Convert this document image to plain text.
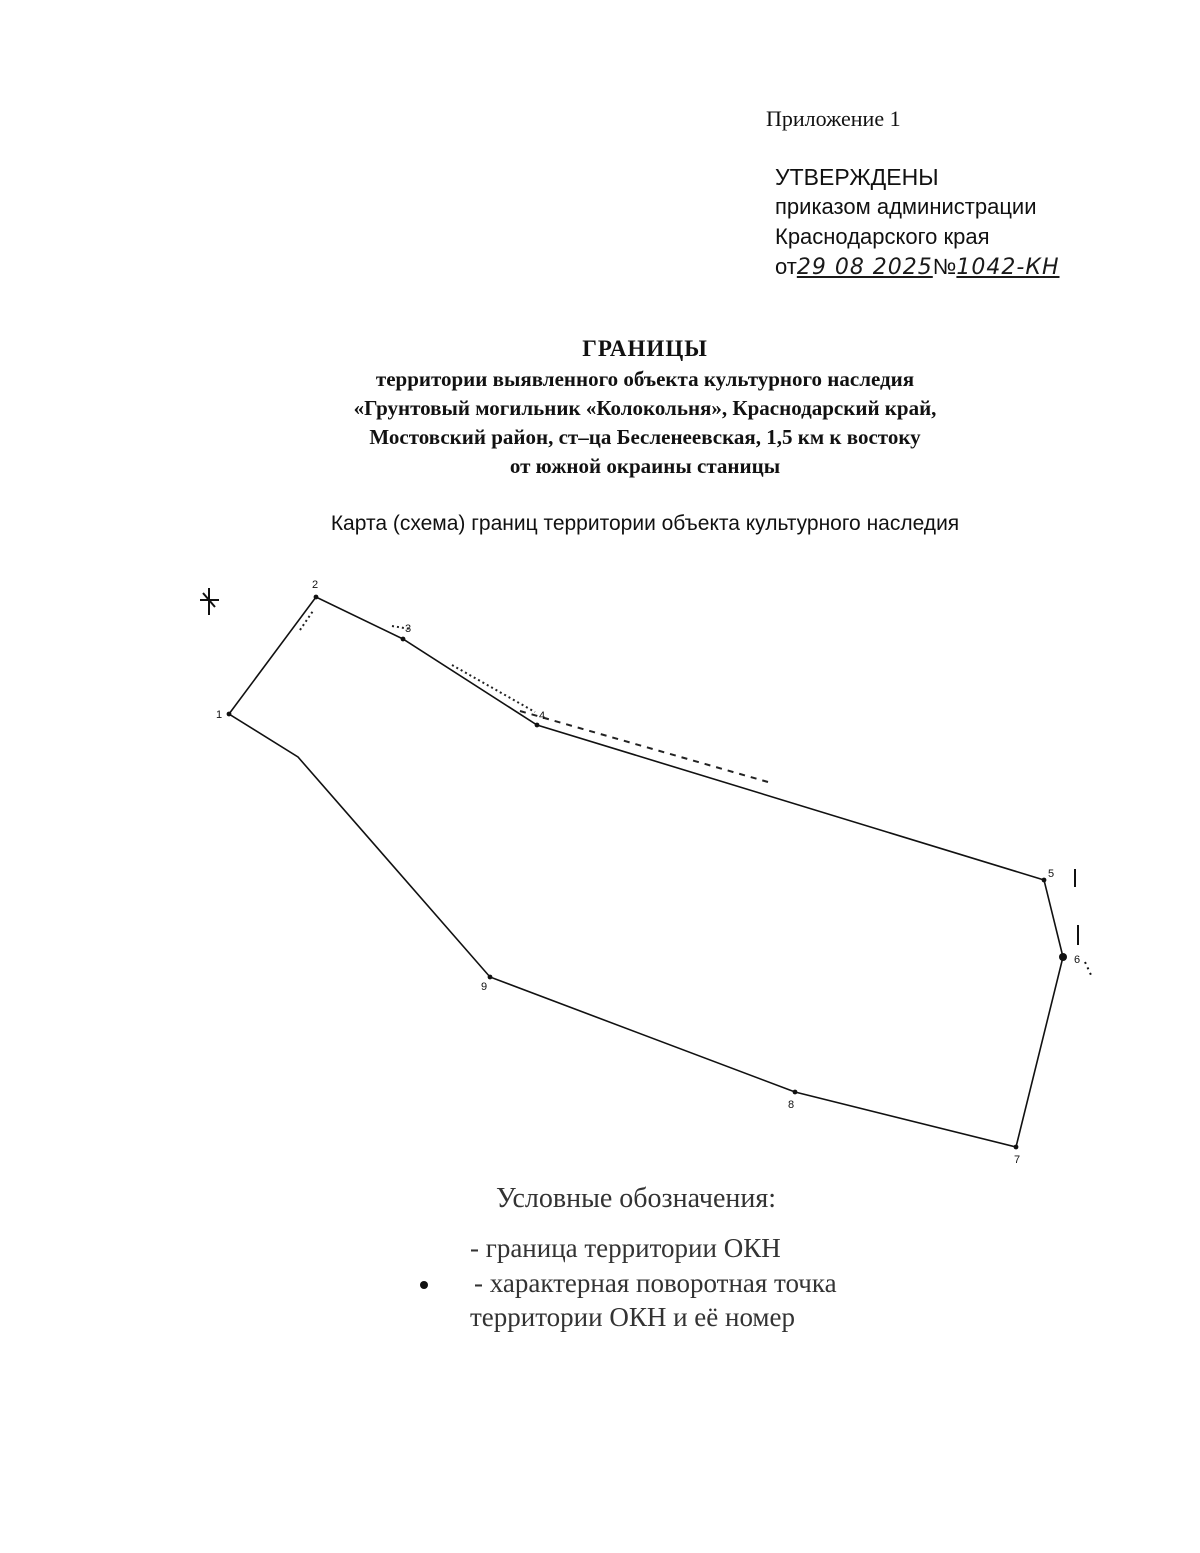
Приложение 1
УТВЕРЖДЕНЫ
приказом администрации
Краснодарского края
от29 08 2025№1042-КН
ГРАНИЦЫ
территории выявленного объекта культурного наследия
«Грунтовый могильник «Колокольня», Краснодарский край,
Мостовский район, ст–ца Бесленеевская, 1,5 км к востоку
от южной окраины станицы
Карта (схема) границ территории объекта культурного наследия
1
2
3
4
5
6
7
8
9
Условные обозначения:
- граница территории ОКН
- характерная поворотная точка
территории ОКН и её номер
